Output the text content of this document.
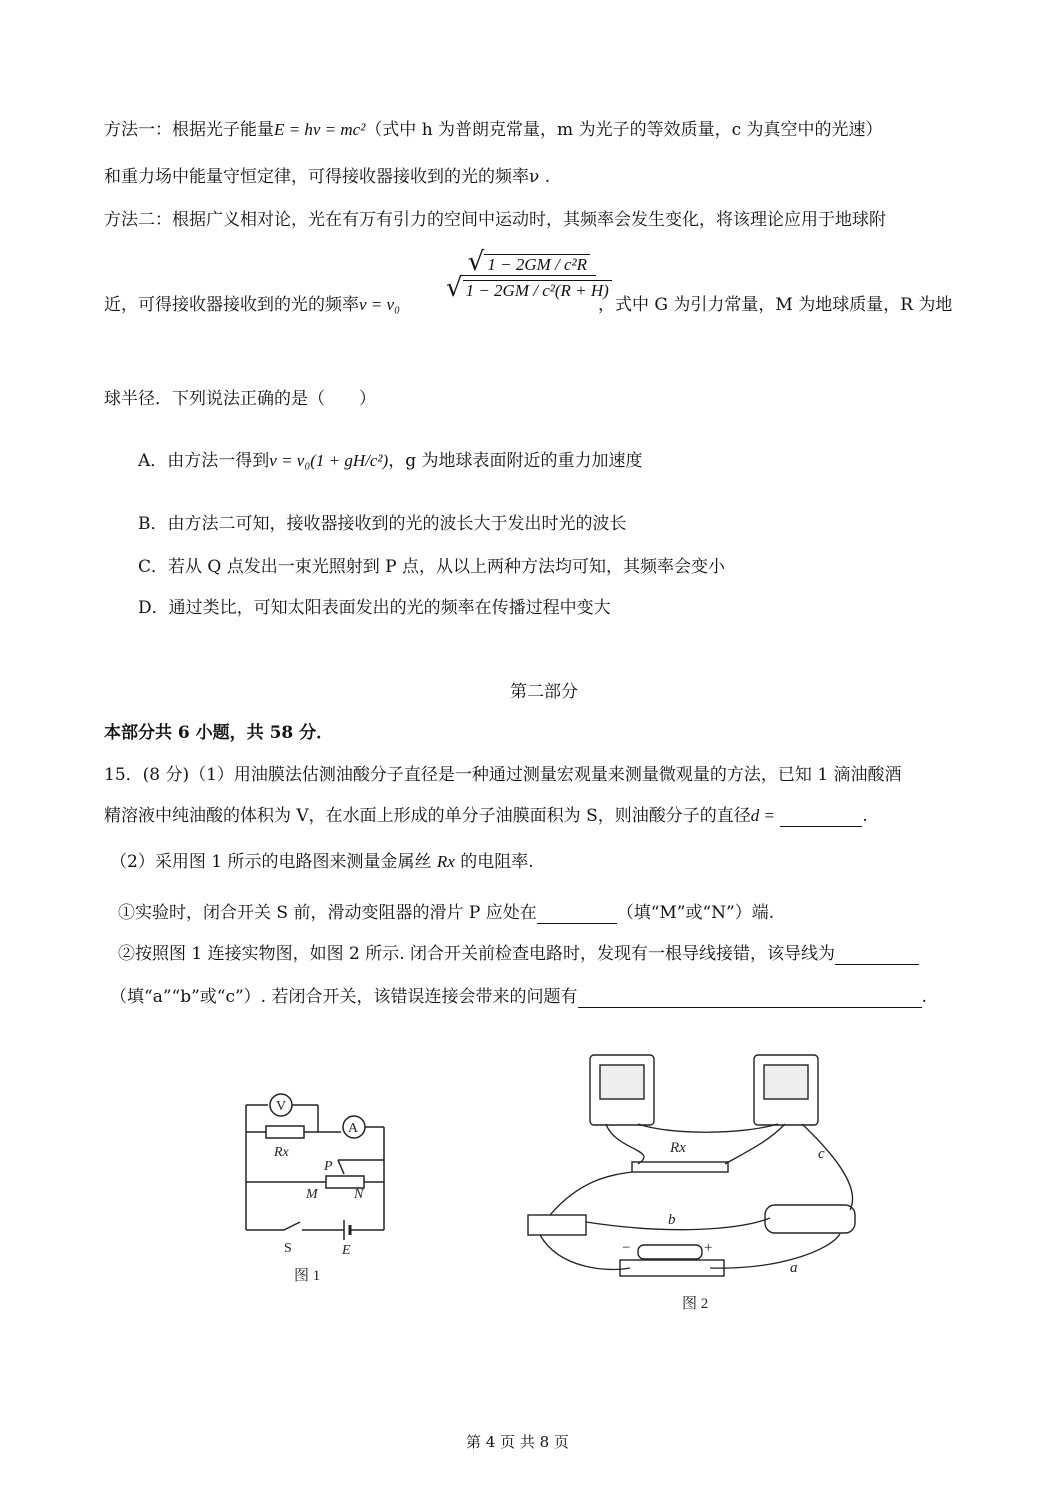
方法一：根据光子能量E = hν = mc²（式中 h 为普朗克常量，m 为光子的等效质量，c 为真空中的光速）
和重力场中能量守恒定律，可得接收器接收到的光的频率ν .
方法二：根据广义相对论，光在有万有引力的空间中运动时，其频率会发生变化，将该理论应用于地球附
近，可得接收器接收到的光的频率ν = ν₀
$\frac{\text{√ 1 − 2GM / c²R}}{\text{√ 1 − 2GM / c²(R + H)}}$
，式中 G 为引力常量，M 为地球质量，R 为地
球半径．下列说法正确的是（　　）
A．由方法一得到ν = ν₀(1 + gH/c²)，g 为地球表面附近的重力加速度
B．由方法二可知，接收器接收到的光的波长大于发出时光的波长
C．若从 Q 点发出一束光照射到 P 点，从以上两种方法均可知，其频率会变小
D．通过类比，可知太阳表面发出的光的频率在传播过程中变大
第二部分
本部分共 6 小题，共 58 分．
15．(8 分)（1）用油膜法估测油酸分子直径是一种通过测量宏观量来测量微观量的方法，已知 1 滴油酸酒
精溶液中纯油酸的体积为 V，在水面上形成的单分子油膜面积为 S，则油酸分子的直径d =	.
（2）采用图 1 所示的电路图来测量金属丝 Rx 的电阻率.
①实验时，闭合开关 S 前，滑动变阻器的滑片 P 应处在	（填“M”或“N”）端.
②按照图 1 连接实物图，如图 2 所示. 闭合开关前检查电路时，发现有一根导线接错，该导线为
（填“a”“b”或“c”）. 若闭合开关，该错误连接会带来的问题有	.
V
A
Rx
P
M	N
S	E
图 1
Rx	c
b
a
−	+
图 2
第 4 页 共 8 页
